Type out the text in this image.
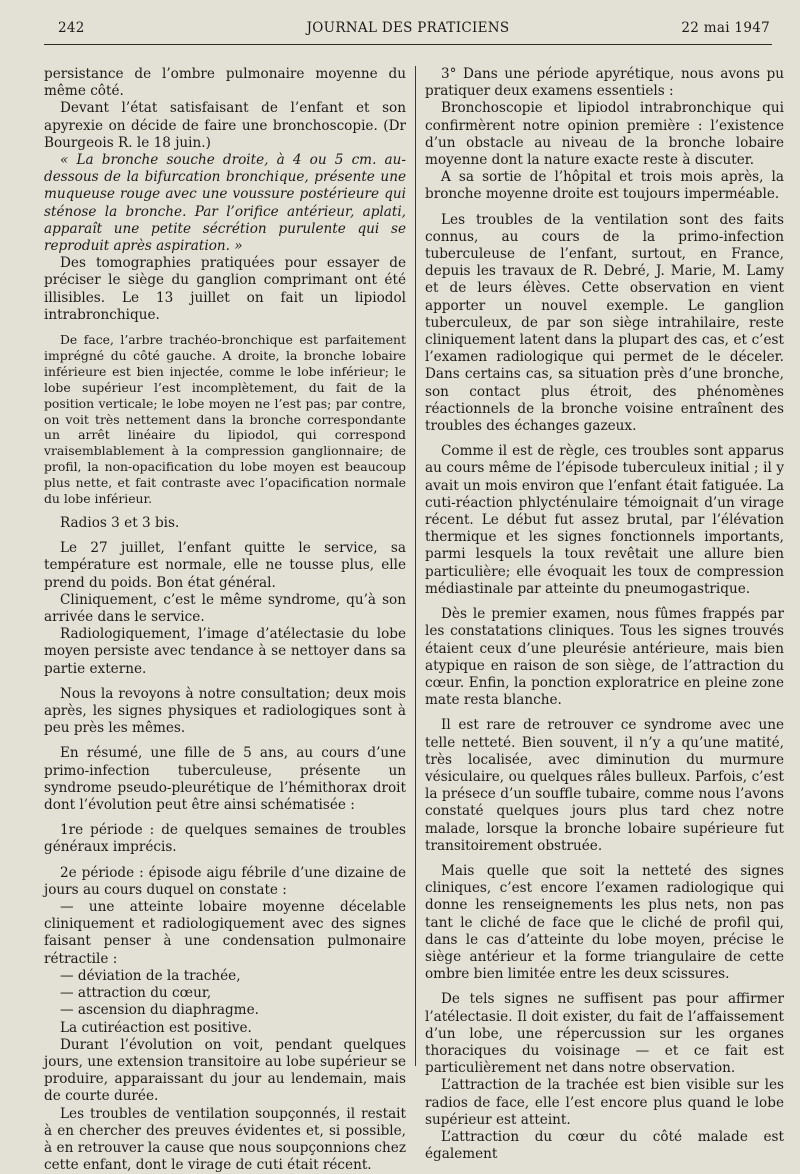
242	JOURNAL DES PRATICIENS	22 mai 1947

persistance de l’ombre pulmonaire moyenne du même côté.

Devant l’état satisfaisant de l’enfant et son apyrexie on décide de faire une bronchoscopie. (Dr Bourgeois R. le 18 juin.)

« La bronche souche droite, à 4 ou 5 cm. au-dessous de la bifurcation bronchique, présente une muqueuse rouge avec une voussure postérieure qui sténose la bronche. Par l’orifice antérieur, aplati, apparaît une petite sécrétion purulente qui se reproduit après aspiration. »

Des tomographies pratiquées pour essayer de préciser le siège du ganglion comprimant ont été illisibles. Le 13 juillet on fait un lipiodol intrabronchique.

De face, l’arbre trachéo-bronchique est parfaitement imprégné du côté gauche. A droite, la bronche lobaire inférieure est bien injectée, comme le lobe inférieur; le lobe supérieur l’est incomplètement, du fait de la position verticale; le lobe moyen ne l’est pas; par contre, on voit très nettement dans la bronche correspondante un arrêt linéaire du lipiodol, qui correspond vraisemblablement à la compression ganglionnaire; de profil, la non-opacification du lobe moyen est beaucoup plus nette, et fait contraste avec l’opacification normale du lobe inférieur.

Radios 3 et 3 bis.

Le 27 juillet, l’enfant quitte le service, sa température est normale, elle ne tousse plus, elle prend du poids. Bon état général.

Cliniquement, c’est le même syndrome, qu’à son arrivée dans le service.

Radiologiquement, l’image d’atélectasie du lobe moyen persiste avec tendance à se nettoyer dans sa partie externe.

Nous la revoyons à notre consultation; deux mois après, les signes physiques et radiologiques sont à peu près les mêmes.

En résumé, une fille de 5 ans, au cours d’une primo-infection tuberculeuse, présente un syndrome pseudo-pleurétique de l’hémithorax droit dont l’évolution peut être ainsi schématisée :

1re période : de quelques semaines de troubles généraux imprécis.

2e période : épisode aigu fébrile d’une dizaine de jours au cours duquel on constate :

— une atteinte lobaire moyenne décelable cliniquement et radiologiquement avec des signes faisant penser à une condensation pulmonaire rétractile :

— déviation de la trachée,

— attraction du cœur,

— ascension du diaphragme.

La cutiréaction est positive.

Durant l’évolution on voit, pendant quelques jours, une extension transitoire au lobe supérieur se produire, apparaissant du jour au lendemain, mais de courte durée.

Les troubles de ventilation soupçonnés, il restait à en chercher des preuves évidentes et, si possible, à en retrouver la cause que nous soupçonnions chez cette enfant, dont le virage de cuti était récent.

3° Dans une période apyrétique, nous avons pu pratiquer deux examens essentiels :

Bronchoscopie et lipiodol intrabronchique qui confirmèrent notre opinion première : l’existence d’un obstacle au niveau de la bronche lobaire moyenne dont la nature exacte reste à discuter.

A sa sortie de l’hôpital et trois mois après, la bronche moyenne droite est toujours imperméable.

Les troubles de la ventilation sont des faits connus, au cours de la primo-infection tuberculeuse de l’enfant, surtout, en France, depuis les travaux de R. Debré, J. Marie, M. Lamy et de leurs élèves. Cette observation en vient apporter un nouvel exemple. Le ganglion tuberculeux, de par son siège intrahilaire, reste cliniquement latent dans la plupart des cas, et c’est l’examen radiologique qui permet de le déceler. Dans certains cas, sa situation près d’une bronche, son contact plus étroit, des phénomènes réactionnels de la bronche voisine entraînent des troubles des échanges gazeux.

Comme il est de règle, ces troubles sont apparus au cours même de l’épisode tuberculeux initial ; il y avait un mois environ que l’enfant était fatiguée. La cuti-réaction phlycténulaire témoignait d’un virage récent. Le début fut assez brutal, par l’élévation thermique et les signes fonctionnels importants, parmi lesquels la toux revêtait une allure bien particulière; elle évoquait les toux de compression médiastinale par atteinte du pneumogastrique.

Dès le premier examen, nous fûmes frappés par les constatations cliniques. Tous les signes trouvés étaient ceux d’une pleurésie antérieure, mais bien atypique en raison de son siège, de l’attraction du cœur. Enfin, la ponction exploratrice en pleine zone mate resta blanche.

Il est rare de retrouver ce syndrome avec une telle netteté. Bien souvent, il n’y a qu’une matité, très localisée, avec diminution du murmure vésiculaire, ou quelques râles bulleux. Parfois, c’est la présece d’un souffle tubaire, comme nous l’avons constaté quelques jours plus tard chez notre malade, lorsque la bronche lobaire supérieure fut transitoirement obstruée.

Mais quelle que soit la netteté des signes cliniques, c’est encore l’examen radiologique qui donne les renseignements les plus nets, non pas tant le cliché de face que le cliché de profil qui, dans le cas d’atteinte du lobe moyen, précise le siège antérieur et la forme triangulaire de cette ombre bien limitée entre les deux scissures.

De tels signes ne suffisent pas pour affirmer l’atélectasie. Il doit exister, du fait de l’affaissement d’un lobe, une répercussion sur les organes thoraciques du voisinage — et ce fait est particulièrement net dans notre observation.

L’attraction de la trachée est bien visible sur les radios de face, elle l’est encore plus quand le lobe supérieur est atteint.

L’attraction du cœur du côté malade est également
